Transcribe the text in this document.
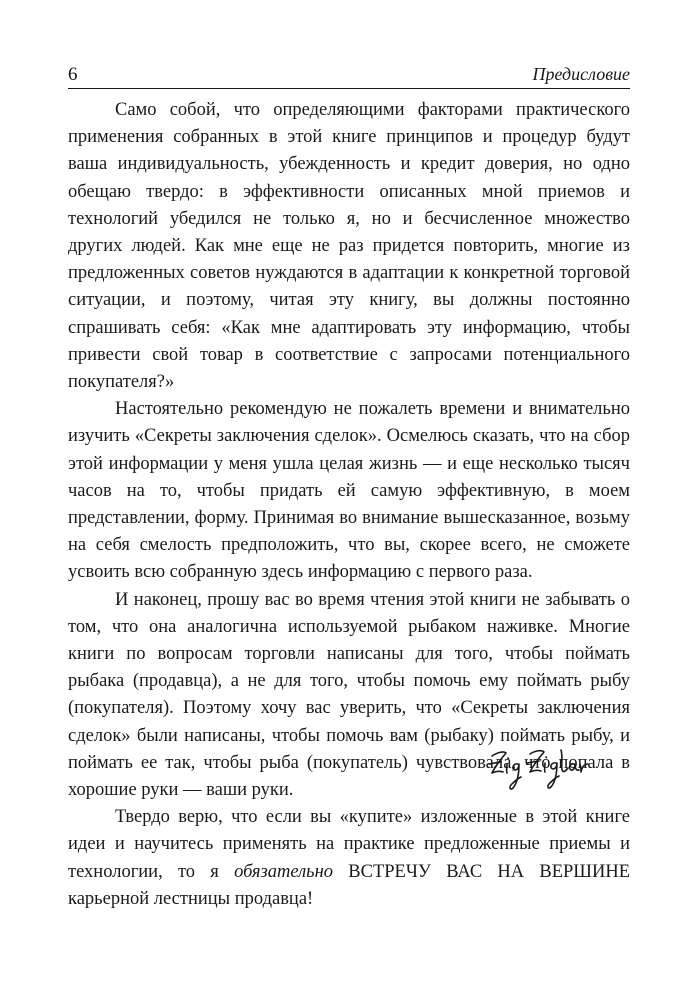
6	Предисловие

Само собой, что определяющими факторами практического применения собранных в этой книге принципов и процедур будут ваша индивидуальность, убежденность и кредит доверия, но одно обещаю твердо: в эффективности описанных мной приемов и технологий убедился не только я, но и бесчисленное множество других людей. Как мне еще не раз придется повторить, многие из предложенных советов нуждаются в адаптации к конкретной торговой ситуации, и поэтому, читая эту книгу, вы должны постоянно спрашивать себя: «Как мне адаптировать эту информацию, чтобы привести свой товар в соответствие с запросами потенциального покупателя?»

Настоятельно рекомендую не пожалеть времени и внимательно изучить «Секреты заключения сделок». Осмелюсь сказать, что на сбор этой информации у меня ушла целая жизнь — и еще несколько тысяч часов на то, чтобы придать ей самую эффективную, в моем представлении, форму. Принимая во внимание вышесказанное, возьму на себя смелость предположить, что вы, скорее всего, не сможете усвоить всю собранную здесь информацию с первого раза.

И наконец, прошу вас во время чтения этой книги не забывать о том, что она аналогична используемой рыбаком наживке. Многие книги по вопросам торговли написаны для того, чтобы поймать рыбака (продавца), а не для того, чтобы помочь ему поймать рыбу (покупателя). Поэтому хочу вас уверить, что «Секреты заключения сделок» были написаны, чтобы помочь вам (рыбаку) поймать рыбу, и поймать ее так, чтобы рыба (покупатель) чувствовала, что попала в хорошие руки — ваши руки.

Твердо верю, что если вы «купите» изложенные в этой книге идеи и научитесь применять на практике предложенные приемы и технологии, то я обязательно ВСТРЕЧУ ВАС НА ВЕРШИНЕ карьерной лестницы продавца!
